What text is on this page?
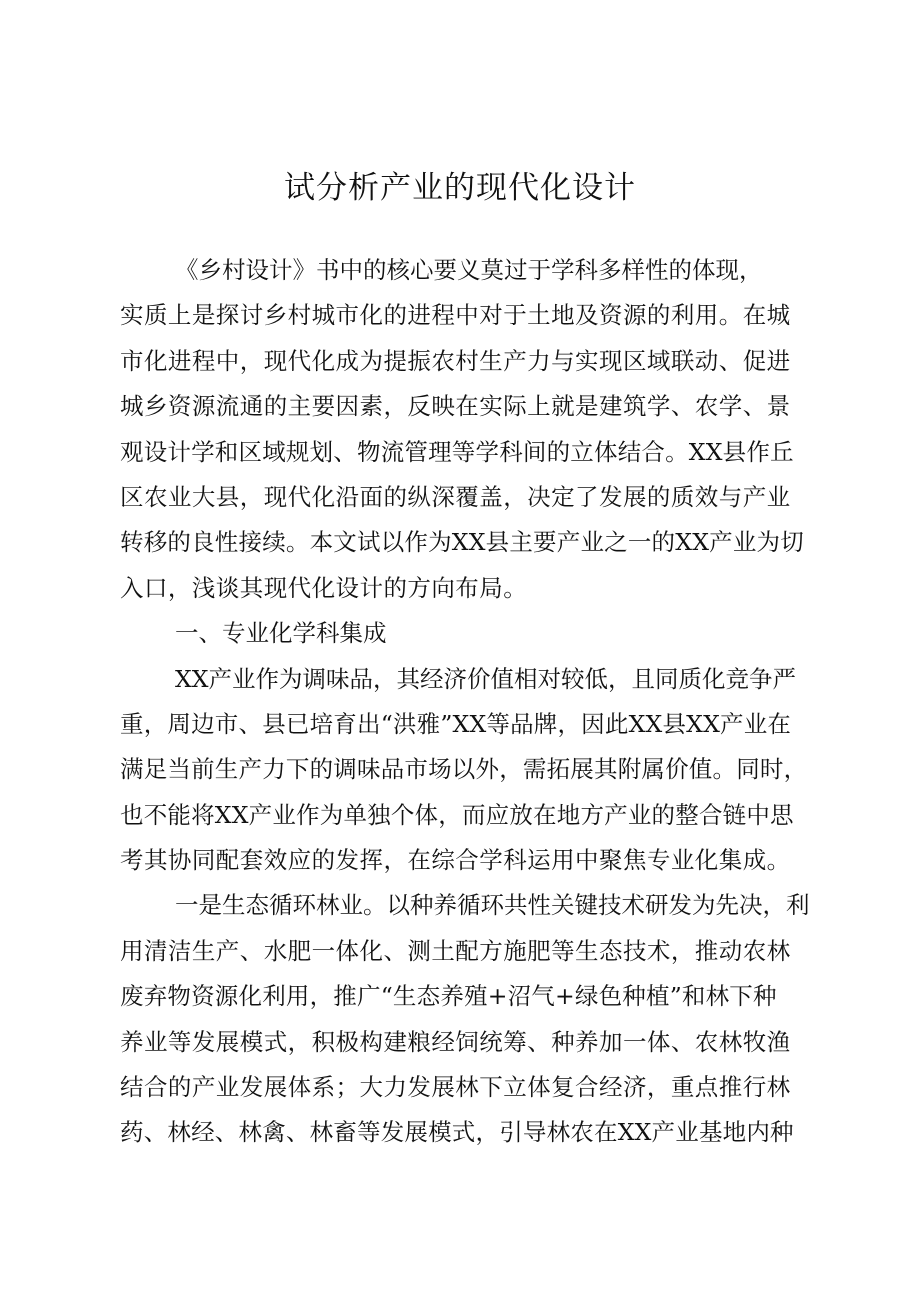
试分析产业的现代化设计
《乡村设计》书中的核心要义莫过于学科多样性的体现，
实质上是探讨乡村城市化的进程中对于土地及资源的利用。在城
市化进程中，现代化成为提振农村生产力与实现区域联动、促进
城乡资源流通的主要因素，反映在实际上就是建筑学、农学、景
观设计学和区域规划、物流管理等学科间的立体结合。XX县作丘
区农业大县，现代化沿面的纵深覆盖，决定了发展的质效与产业
转移的良性接续。本文试以作为XX县主要产业之一的XX产业为切
入口，浅谈其现代化设计的方向布局。
一、专业化学科集成
XX产业作为调味品，其经济价值相对较低，且同质化竞争严
重，周边市、县已培育出“洪雅”XX等品牌，因此XX县XX产业在
满足当前生产力下的调味品市场以外，需拓展其附属价值。同时，
也不能将XX产业作为单独个体，而应放在地方产业的整合链中思
考其协同配套效应的发挥，在综合学科运用中聚焦专业化集成。
一是生态循环林业。以种养循环共性关键技术研发为先决，利
用清洁生产、水肥一体化、测土配方施肥等生态技术，推动农林
废弃物资源化利用，推广“生态养殖+沼气+绿色种植”和林下种
养业等发展模式，积极构建粮经饲统筹、种养加一体、农林牧渔
结合的产业发展体系；大力发展林下立体复合经济，重点推行林
药、林经、林禽、林畜等发展模式，引导林农在XX产业基地内种
